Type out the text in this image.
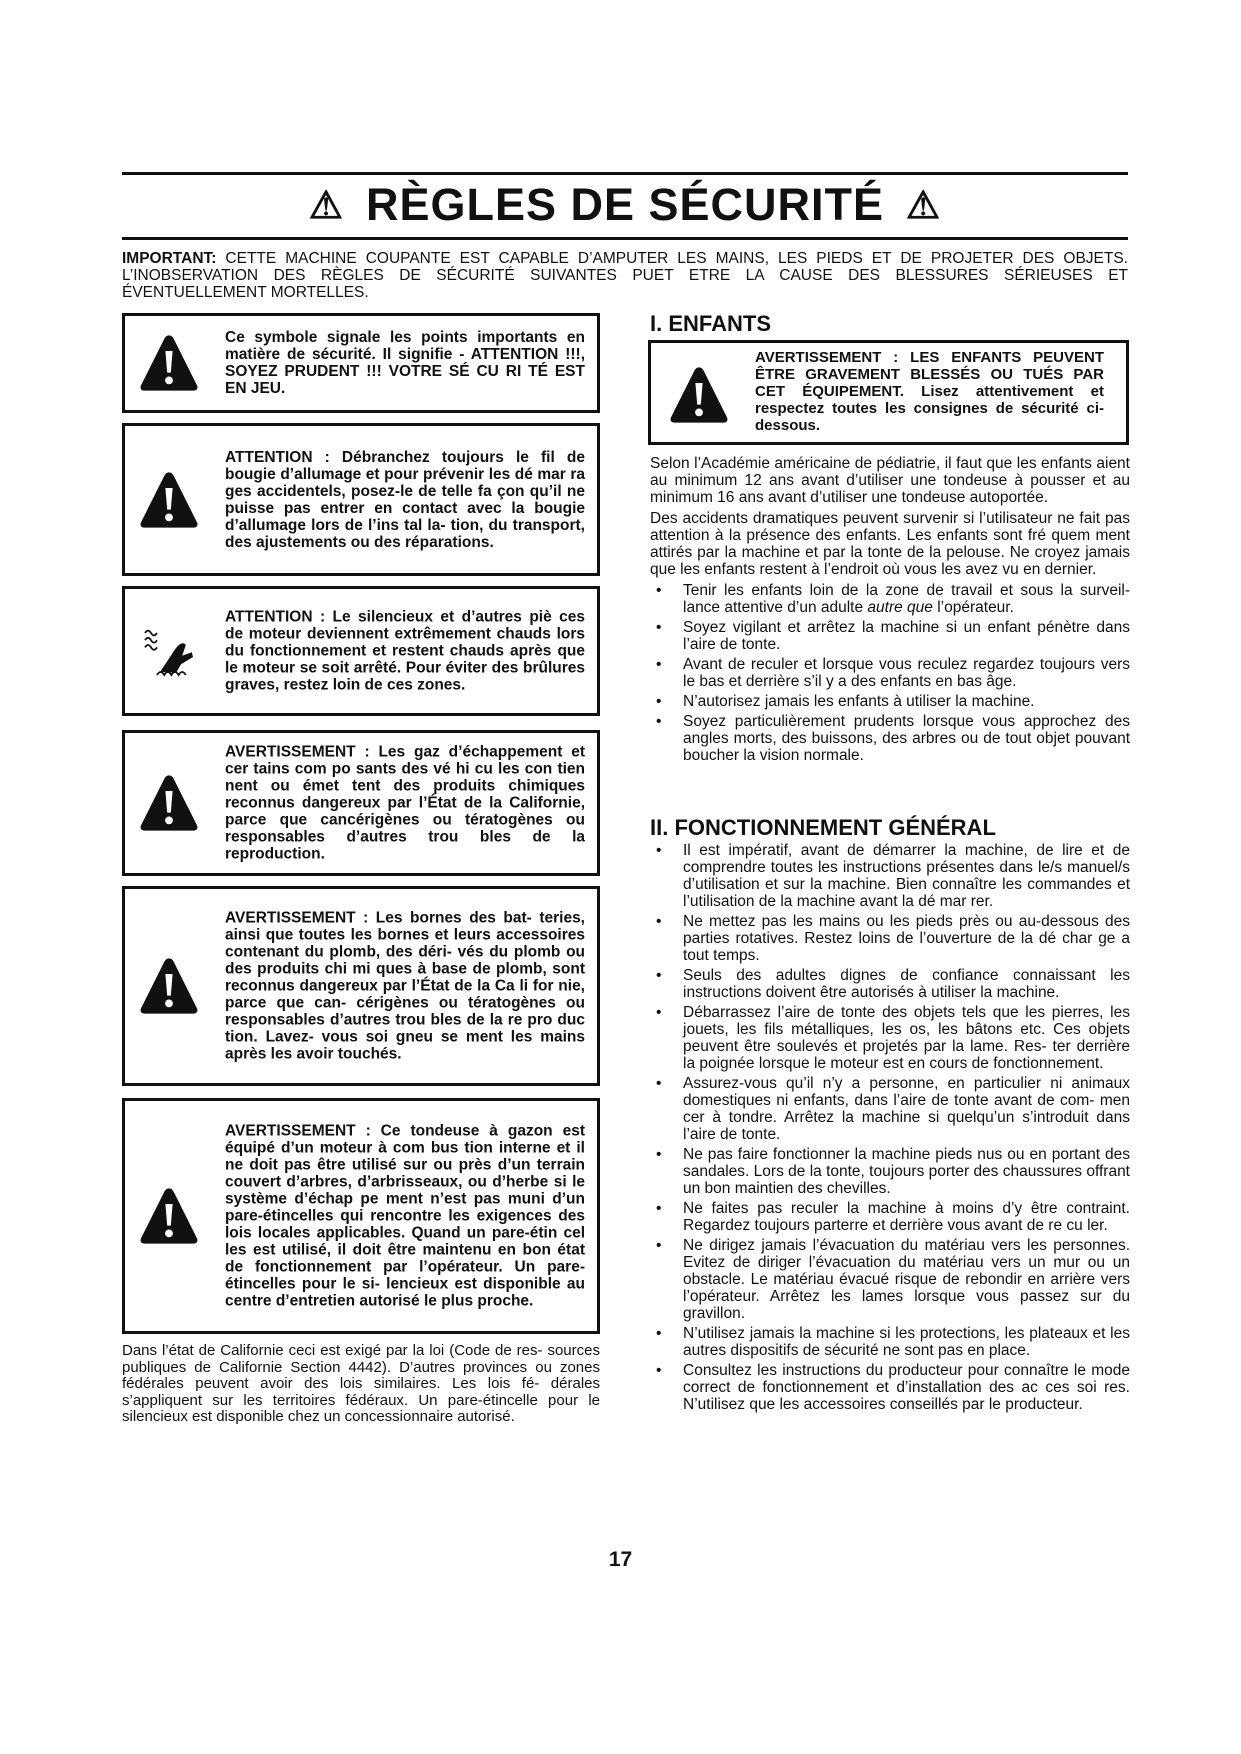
⚠ RÈGLES DE SÉCURITÉ ⚠
IMPORTANT: CETTE MACHINE COUPANTE EST CAPABLE D’AMPUTER LES MAINS, LES PIEDS ET DE PROJETER DES OBJETS. L’INOBSERVATION DES RÈGLES DE SÉCURITÉ SUIVANTES PUET ETRE LA CAUSE DES BLESSURES SÉRIEUSES ET ÉVENTUELLEMENT MORTELLES.
Ce symbole signale les points importants en matière de sécurité. Il signifie - ATTENTION !!!, SOYEZ PRUDENT !!! VOTRE SÉ CU RI TÉ EST EN JEU.
ATTENTION : Débranchez toujours le fil de bougie d’allumage et pour prévenir les dé mar ra ges accidentels, posez-le de telle fa çon qu’il ne puisse pas entrer en contact avec la bougie d’allumage lors de l’ins tal la- tion, du transport, des ajustements ou des réparations.
ATTENTION : Le silencieux et d’autres piè ces de moteur deviennent extrêmement chauds lors du fonctionnement et restent chauds après que le moteur se soit arrêté. Pour éviter des brûlures graves, restez loin de ces zones.
AVERTISSEMENT : Les gaz d’échappement et cer tains com po sants des vé hi cu les con tien nent ou émet tent des produits chimiques reconnus dangereux par l’État de la Californie, parce que cancérigènes ou tératogènes ou responsables d’autres trou bles de la reproduction.
AVERTISSEMENT : Les bornes des bat- teries, ainsi que toutes les bornes et leurs accessoires contenant du plomb, des déri- vés du plomb ou des produits chi mi ques à base de plomb, sont reconnus dangereux par l’État de la Ca li for nie, parce que can- cérigènes ou tératogènes ou responsables d’autres trou bles de la re pro duc tion. Lavez- vous soi gneu se ment les mains après les avoir touchés.
AVERTISSEMENT : Ce tondeuse à gazon est équipé d’un moteur à com bus tion interne et il ne doit pas être utilisé sur ou près d’un terrain couvert d’arbres, d’arbrisseaux, ou d’herbe si le système d’échap pe ment n’est pas muni d’un pare-étincelles qui rencontre les exigences des lois locales applicables. Quand un pare-étin cel les est utilisé, il doit être maintenu en bon état de fonctionnement par l’opérateur. Un pare-étincelles pour le si- lencieux est disponible au centre d’entretien autorisé le plus proche.
Dans l’état de Californie ceci est exigé par la loi (Code de res- sources publiques de Californie Section 4442). D’autres provinces ou zones fédérales peuvent avoir des lois similaires. Les lois fé- dérales s’appliquent sur les territoires fédéraux. Un pare-étincelle pour le silencieux est disponible chez un concessionnaire autorisé.
I. ENFANTS
AVERTISSEMENT : LES ENFANTS PEUVENT ÊTRE GRAVEMENT BLESSÉS OU TUÉS PAR CET ÉQUIPEMENT. Lisez attentivement et respectez toutes les consignes de sécurité ci-dessous.

Selon l’Académie américaine de pédiatrie, il faut que les enfants aient au minimum 12 ans avant d’utiliser une tondeuse à pousser et au minimum 16 ans avant d’utiliser une tondeuse autoportée.

Des accidents dramatiques peuvent survenir si l’utilisateur ne fait pas attention à la présence des enfants. Les enfants sont fré quem ment attirés par la machine et par la tonte de la pelouse. Ne croyez jamais que les enfants restent à l’endroit où vous les avez vu en dernier.

• Tenir les enfants loin de la zone de travail et sous la surveil- lance attentive d’un adulte autre que l’opérateur.
• Soyez vigilant et arrêtez la machine si un enfant pénètre dans l’aire de tonte.
• Avant de reculer et lorsque vous reculez regardez toujours vers le bas et derrière s’il y a des enfants en bas âge.
• N’autorisez jamais les enfants à utiliser la machine.
• Soyez particulièrement prudents lorsque vous approchez des angles morts, des buissons, des arbres ou de tout objet pouvant boucher la vision normale.
II. FONCTIONNEMENT GÉNÉRAL
• Il est impératif, avant de démarrer la machine, de lire et de comprendre toutes les instructions présentes dans le/s manuel/s d’utilisation et sur la machine. Bien connaître les commandes et l’utilisation de la machine avant la dé mar rer.
• Ne mettez pas les mains ou les pieds près ou au-dessous des parties rotatives. Restez loins de l’ouverture de la dé char ge a tout temps.
• Seuls des adultes dignes de confiance connaissant les instructions doivent être autorisés à utiliser la machine.
• Débarrassez l’aire de tonte des objets tels que les pierres, les jouets, les fils métalliques, les os, les bâtons etc. Ces objets peuvent être soulevés et projetés par la lame. Res- ter derrière la poignée lorsque le moteur est en cours de fonctionnement.
• Assurez-vous qu’il n’y a personne, en particulier ni animaux domestiques ni enfants, dans l’aire de tonte avant de com- men cer à tondre. Arrêtez la machine si quelqu’un s’introduit dans l’aire de tonte.
• Ne pas faire fonctionner la machine pieds nus ou en portant des sandales. Lors de la tonte, toujours porter des chaussures offrant un bon maintien des chevilles.
• Ne faites pas reculer la machine à moins d’y être contraint. Regardez toujours parterre et derrière vous avant de re cu ler.
• Ne dirigez jamais l’évacuation du matériau vers les personnes. Evitez de diriger l’évacuation du matériau vers un mur ou un obstacle. Le matériau évacué risque de rebondir en arrière vers l’opérateur. Arrêtez les lames lorsque vous passez sur du gravillon.
• N’utilisez jamais la machine si les protections, les plateaux et les autres dispositifs de sécurité ne sont pas en place.
• Consultez les instructions du producteur pour connaître le mode correct de fonctionnement et d’installation des ac ces soi res. N’utilisez que les accessoires conseillés par le producteur.
17
